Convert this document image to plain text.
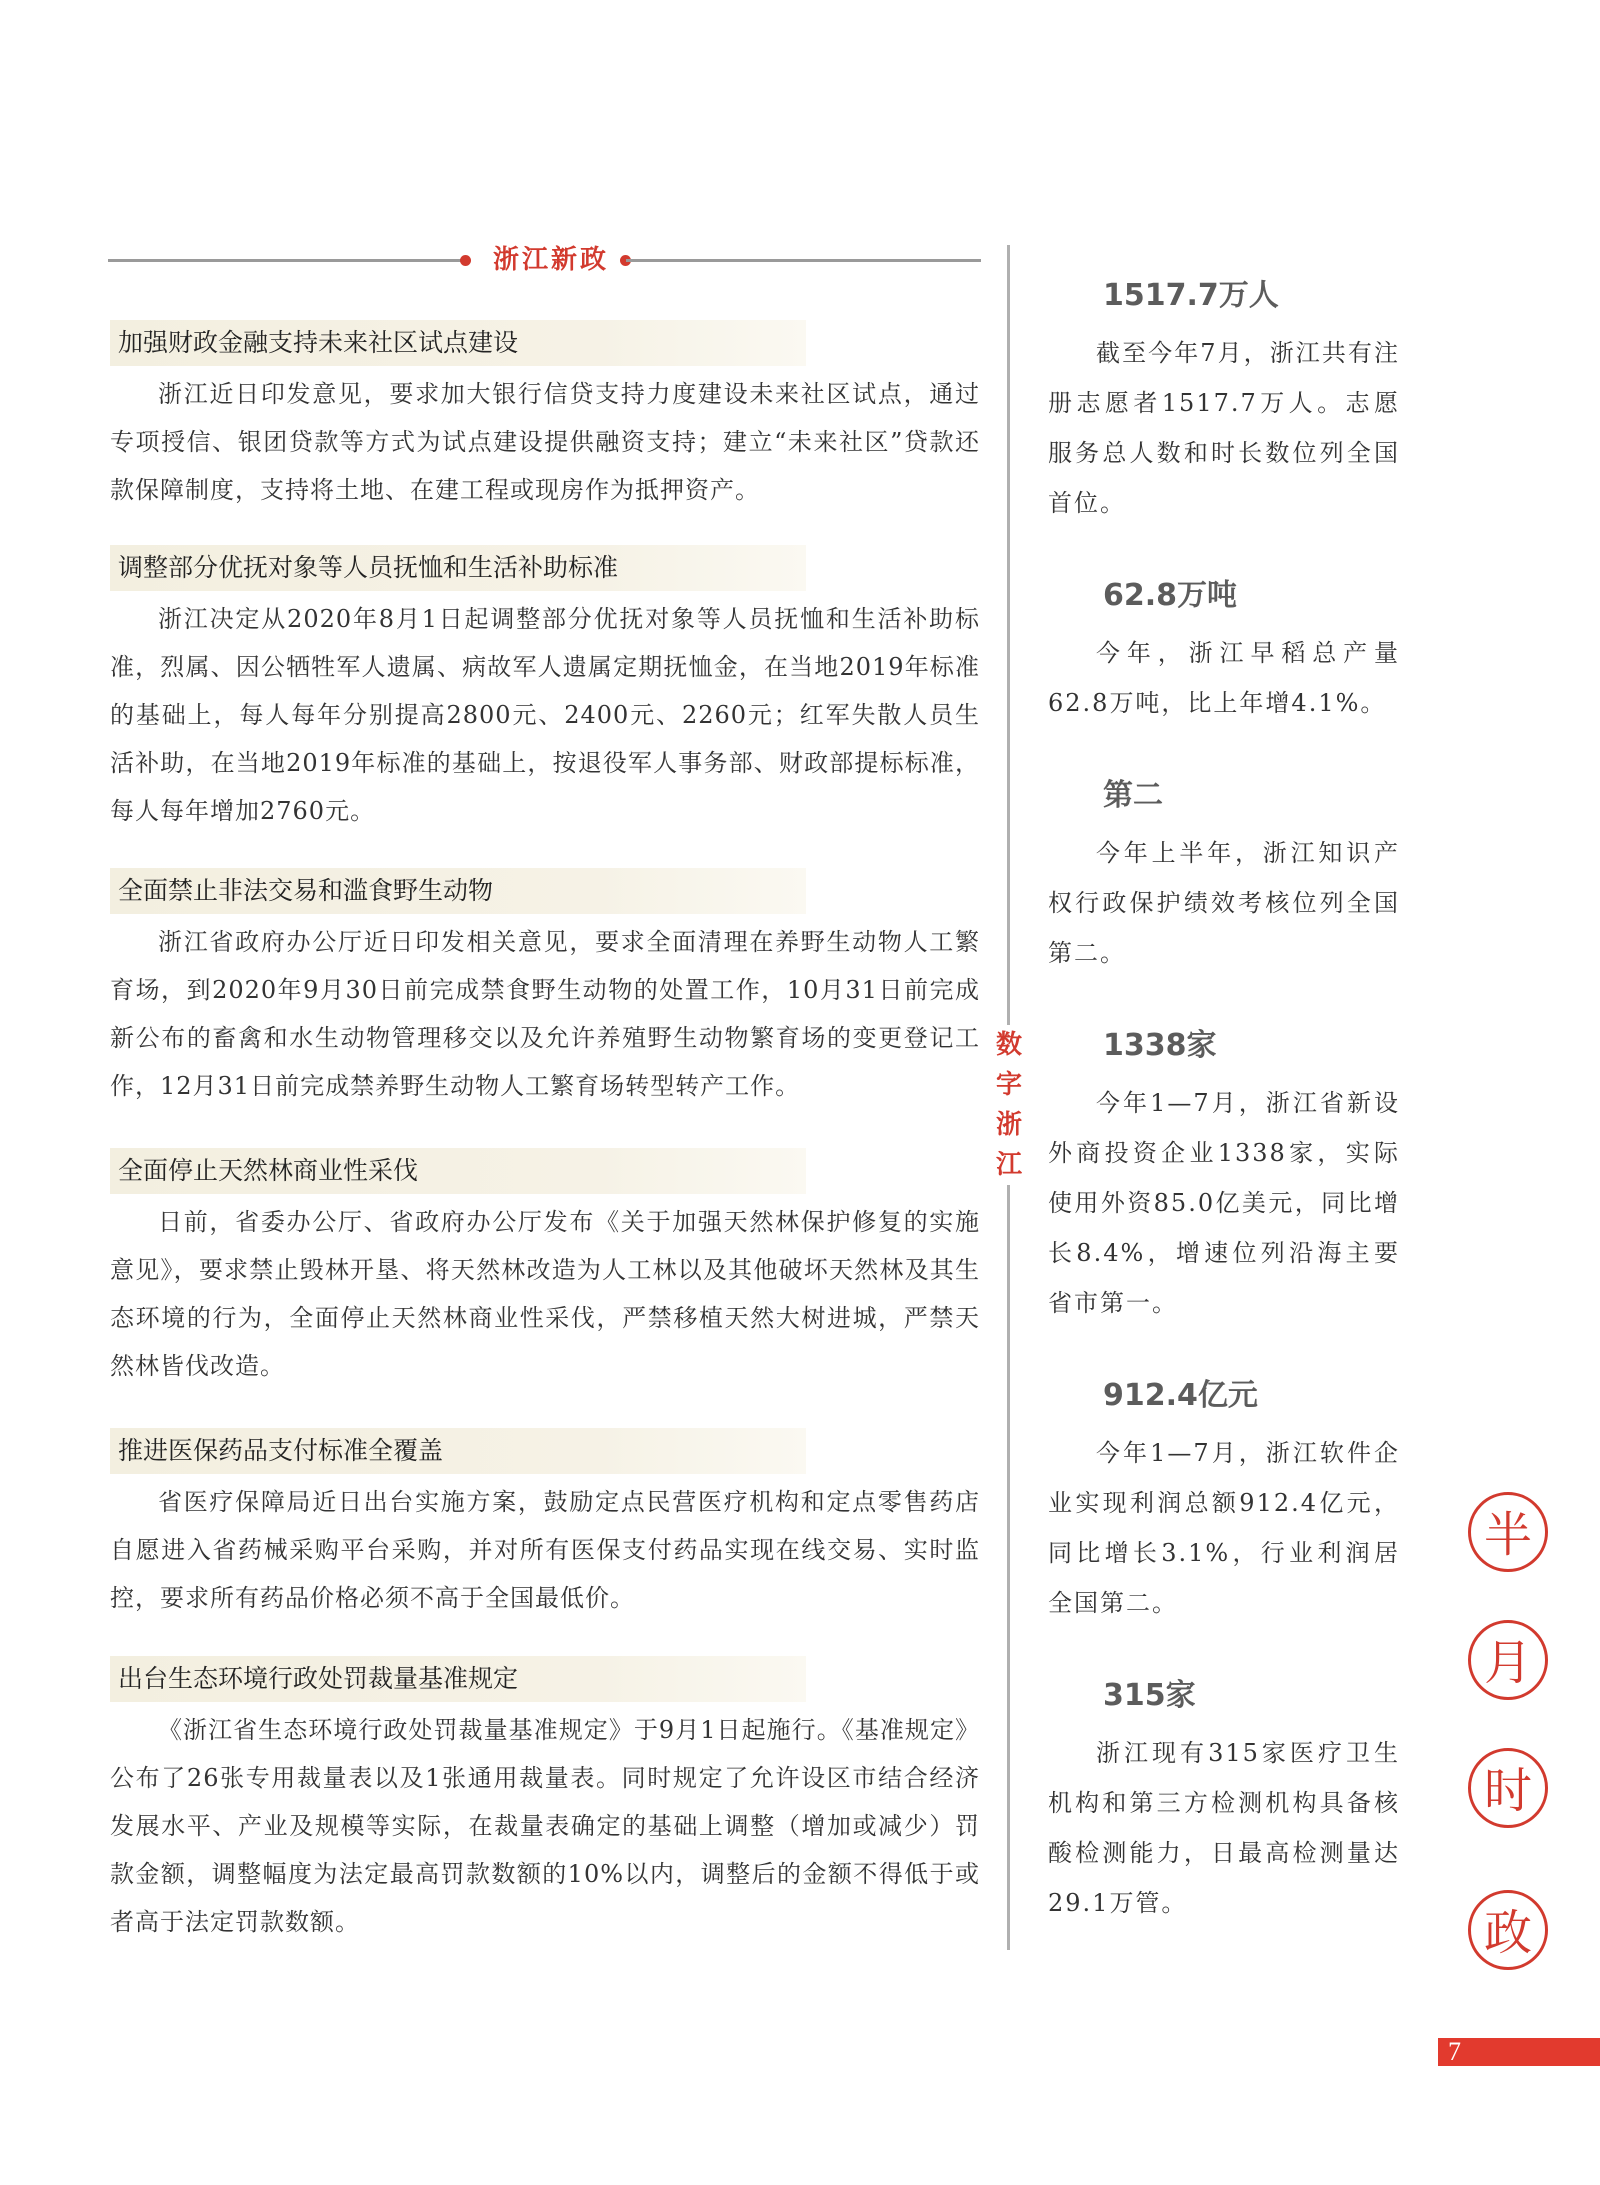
浙江新政
加强财政金融支持未来社区试点建设

浙江近日印发意见，要求加大银行信贷支持力度建设未来社区试点，通过专项授信、银团贷款等方式为试点建设提供融资支持；建立“未来社区”贷款还款保障制度，支持将土地、在建工程或现房作为抵押资产。

调整部分优抚对象等人员抚恤和生活补助标准

浙江决定从2020年8月1日起调整部分优抚对象等人员抚恤和生活补助标准，烈属、因公牺牲军人遗属、病故军人遗属定期抚恤金，在当地2019年标准的基础上，每人每年分别提高2800元、2400元、2260元；红军失散人员生活补助，在当地2019年标准的基础上，按退役军人事务部、财政部提标标准，每人每年增加2760元。

全面禁止非法交易和滥食野生动物

浙江省政府办公厅近日印发相关意见，要求全面清理在养野生动物人工繁育场，到2020年9月30日前完成禁食野生动物的处置工作，10月31日前完成新公布的畜禽和水生动物管理移交以及允许养殖野生动物繁育场的变更登记工作，12月31日前完成禁养野生动物人工繁育场转型转产工作。

全面停止天然林商业性采伐

日前，省委办公厅、省政府办公厅发布《关于加强天然林保护修复的实施意见》，要求禁止毁林开垦、将天然林改造为人工林以及其他破坏天然林及其生态环境的行为，全面停止天然林商业性采伐，严禁移植天然大树进城，严禁天然林皆伐改造。

推进医保药品支付标准全覆盖

省医疗保障局近日出台实施方案，鼓励定点民营医疗机构和定点零售药店自愿进入省药械采购平台采购，并对所有医保支付药品实现在线交易、实时监控，要求所有药品价格必须不高于全国最低价。

出台生态环境行政处罚裁量基准规定

《浙江省生态环境行政处罚裁量基准规定》于9月1日起施行。《基准规定》公布了26张专用裁量表以及1张通用裁量表。同时规定了允许设区市结合经济发展水平、产业及规模等实际，在裁量表确定的基础上调整（增加或减少）罚款金额，调整幅度为法定最高罚款数额的10%以内，调整后的金额不得低于或者高于法定罚款数额。

数字浙江
1517.7万人

截至今年7月，浙江共有注册志愿者1517.7万人。志愿服务总人数和时长数位列全国首位。

62.8万吨

今年，浙江早稻总产量62.8万吨，比上年增4.1%。

第二

今年上半年，浙江知识产权行政保护绩效考核位列全国第二。

1338家

今年1—7月，浙江省新设外商投资企业1338家，实际使用外资85.0亿美元，同比增长8.4%，增速位列沿海主要省市第一。

912.4亿元

今年1—7月，浙江软件企业实现利润总额912.4亿元，同比增长3.1%，行业利润居全国第二。

315家

浙江现有315家医疗卫生机构和第三方检测机构具备核酸检测能力，日最高检测量达29.1万管。

半
月
时
政
7
